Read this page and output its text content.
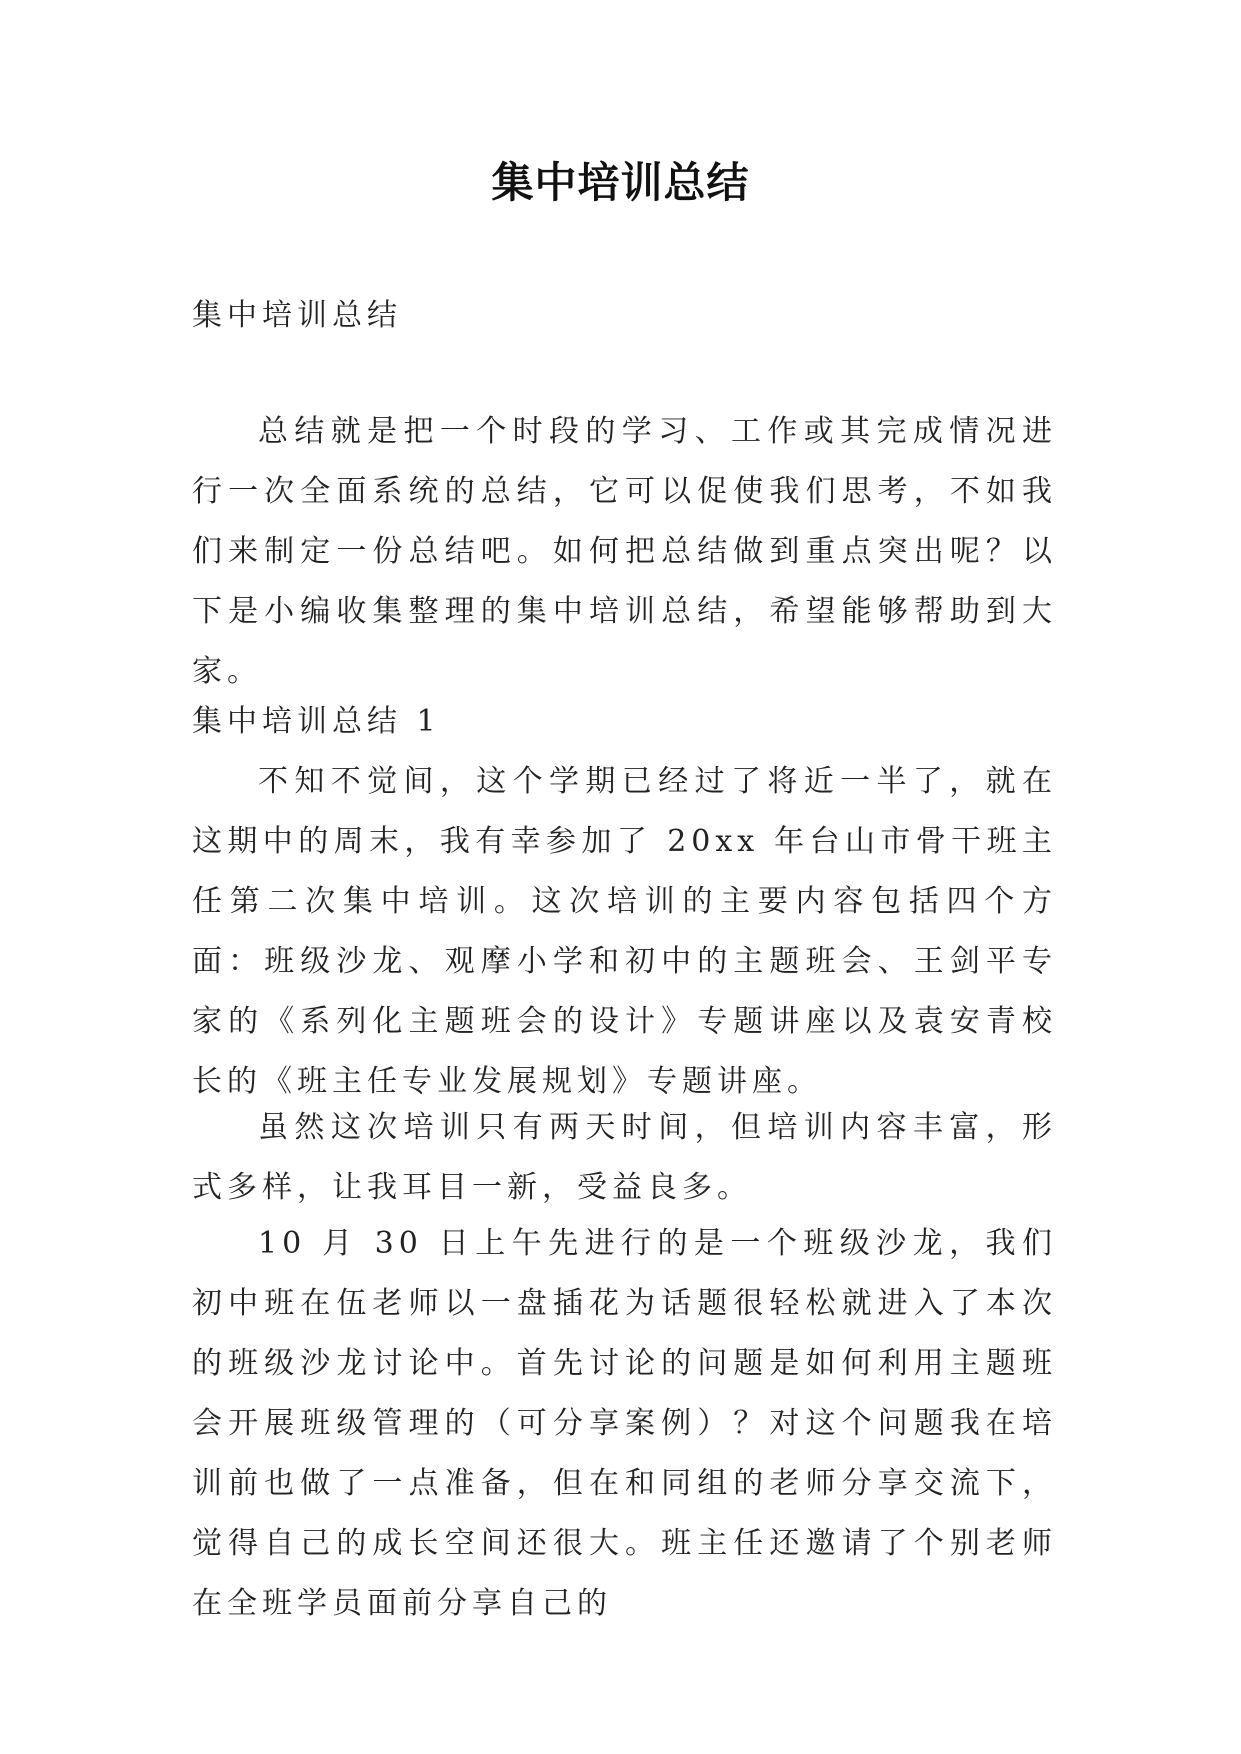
集中培训总结
集中培训总结
总结就是把一个时段的学习、工作或其完成情况进行一次全面系统的总结，它可以促使我们思考，不如我们来制定一份总结吧。如何把总结做到重点突出呢？以下是小编收集整理的集中培训总结，希望能够帮助到大家。
集中培训总结 1
不知不觉间，这个学期已经过了将近一半了，就在这期中的周末，我有幸参加了 20xx 年台山市骨干班主任第二次集中培训。这次培训的主要内容包括四个方面：班级沙龙、观摩小学和初中的主题班会、王剑平专家的《系列化主题班会的设计》专题讲座以及袁安青校长的《班主任专业发展规划》专题讲座。
虽然这次培训只有两天时间，但培训内容丰富，形式多样，让我耳目一新，受益良多。
10 月 30 日上午先进行的是一个班级沙龙，我们初中班在伍老师以一盘插花为话题很轻松就进入了本次的班级沙龙讨论中。首先讨论的问题是如何利用主题班会开展班级管理的（可分享案例）？对这个问题我在培训前也做了一点准备，但在和同组的老师分享交流下，觉得自己的成长空间还很大。班主任还邀请了个别老师在全班学员面前分享自己的
